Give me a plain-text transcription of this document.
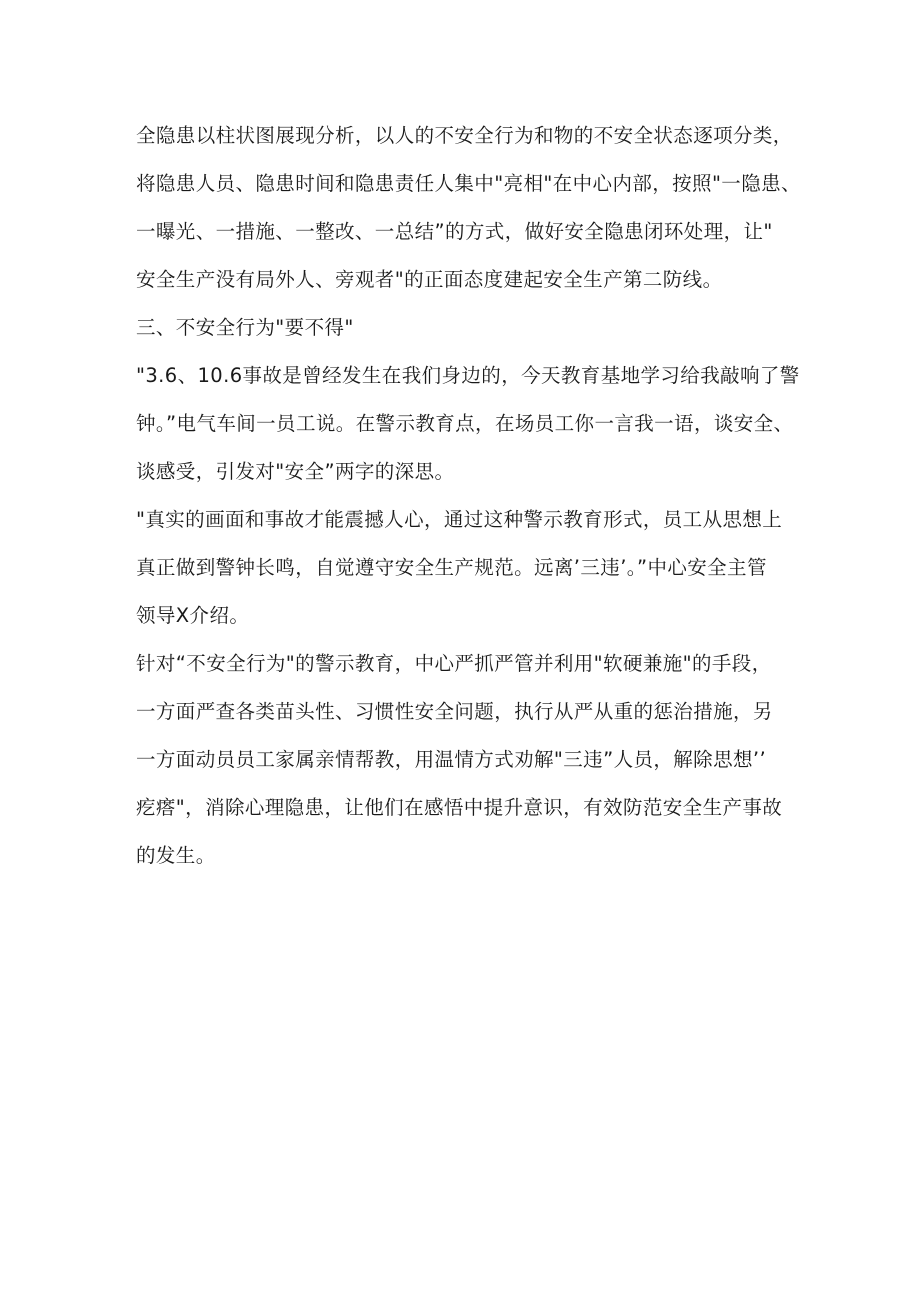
全隐患以柱状图展现分析，以人的不安全行为和物的不安全状态逐项分类，
将隐患人员、隐患时间和隐患责任人集中"亮相"在中心内部，按照"一隐患、
一曝光、一措施、一整改、一总结”的方式，做好安全隐患闭环处理，让"
安全生产没有局外人、旁观者"的正面态度建起安全生产第二防线。
三、不安全行为"要不得"
"3.6、10.6事故是曾经发生在我们身边的，今天教育基地学习给我敲响了警
钟。”电气车间一员工说。在警示教育点，在场员工你一言我一语，谈安全、
谈感受，引发对"安全”两字的深思。
"真实的画面和事故才能震撼人心，通过这种警示教育形式，员工从思想上
真正做到警钟长鸣，自觉遵守安全生产规范。远离’三违’。”中心安全主管
领导X介绍。
针对“不安全行为"的警示教育，中心严抓严管并利用"软硬兼施"的手段，
一方面严查各类苗头性、习惯性安全问题，执行从严从重的惩治措施，另
一方面动员员工家属亲情帮教，用温情方式劝解"三违”人员，解除思想’’
疙瘩"，消除心理隐患，让他们在感悟中提升意识，有效防范安全生产事故
的发生。
